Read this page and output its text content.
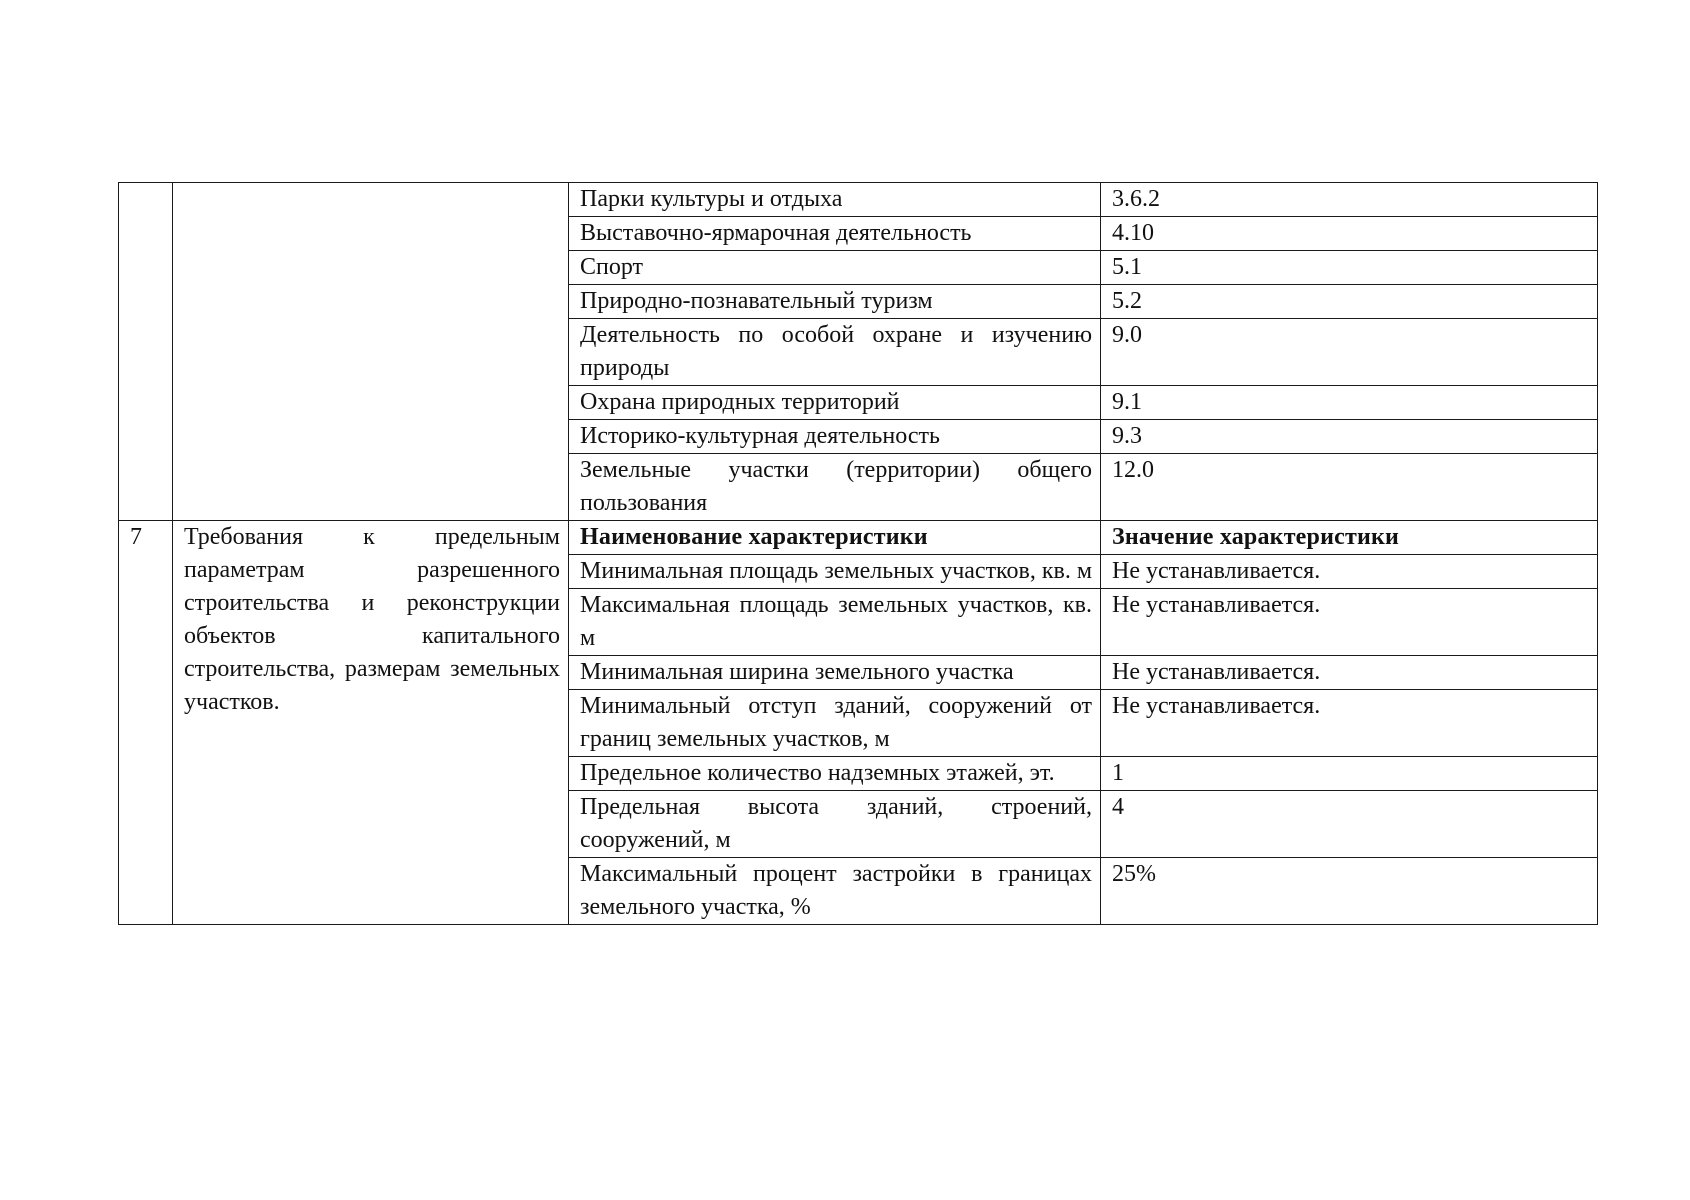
		Парки культуры и отдыха	3.6.2
		Выставочно-ярмарочная деятельность	4.10
		Спорт	5.1
		Природно-познавательный туризм	5.2
		Деятельность по особой охране и изучению природы	9.0
		Охрана природных территорий	9.1
		Историко-культурная деятельность	9.3
		Земельные участки (территории) общего пользования	12.0
7	Требования к предельным параметрам разрешенного строительства и реконструкции объектов капитального строительства, размерам земельных участков.	Наименование характеристики	Значение характеристики
		Минимальная площадь земельных участков, кв. м	Не устанавливается.
		Максимальная площадь земельных участков, кв. м	Не устанавливается.
		Минимальная ширина земельного участка	Не устанавливается.
		Минимальный отступ зданий, сооружений от границ земельных участков, м	Не устанавливается.
		Предельное количество надземных этажей, эт.	1
		Предельная высота зданий, строений, сооружений, м	4
		Максимальный процент застройки в границах земельного участка, %	25%
